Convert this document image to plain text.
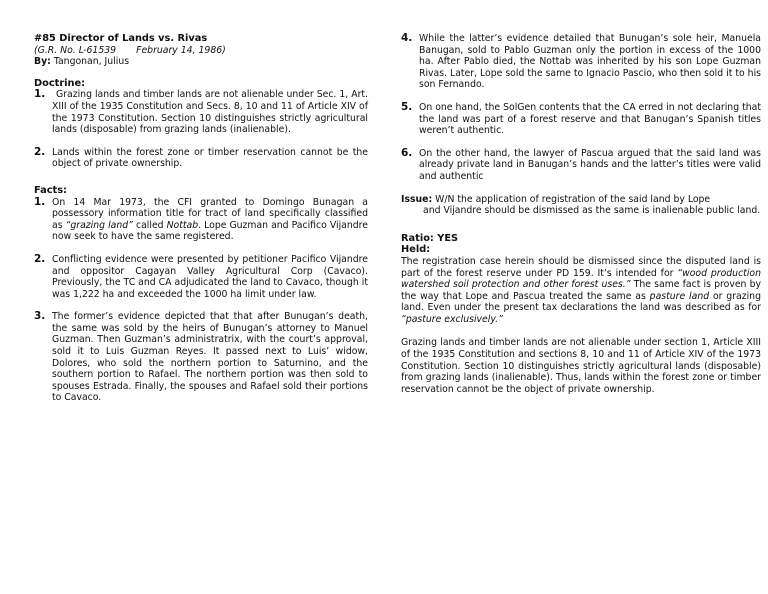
#85 Director of Lands vs. Rivas

(G.R. No. L-61539 February 14, 1986)

By: Tangonan, Julius

Doctrine:

1.	Grazing lands and timber lands are not alienable under Sec. 1, Art. XIII of the 1935 Constitution and Secs. 8, 10 and 11 of Article XIV of the 1973 Constitution. Section 10 distinguishes strictly agricultural lands (disposable) from grazing lands (inalienable).
2. Lands within the forest zone or timber reservation cannot be the object of private ownership.

Facts:

1. On 14 Mar 1973, the CFI granted to Domingo Bunagan a possessory information title for tract of land specifically classified as “grazing land” called Nottab. Lope Guzman and Pacifico Vijandre now seek to have the same registered.
2. Conflicting evidence were presented by petitioner Pacifico Vijandre and oppositor Cagayan Valley Agricultural Corp (Cavaco). Previously, the TC and CA adjudicated the land to Cavaco, though it was 1,222 ha and exceeded the 1000 ha limit under law.
3. The former’s evidence depicted that that after Bunugan’s death, the same was sold by the heirs of Bunugan’s attorney to Manuel Guzman. Then Guzman’s administratrix, with the court’s approval, sold it to Luis Guzman Reyes. It passed next to Luis’ widow, Dolores, who sold the northern portion to Saturnino, and the southern portion to Rafael. The northern portion was then sold to spouses Estrada. Finally, the spouses and Rafael sold their portions to Cavaco.
4. While the latter’s evidence detailed that Bunugan’s sole heir, Manuela Banugan, sold to Pablo Guzman only the portion in excess of the 1000 ha. After Pablo died, the Nottab was inherited by his son Lope Guzman Rivas. Later, Lope sold the same to Ignacio Pascio, who then sold it to his son Fernando.
5. On one hand, the SolGen contents that the CA erred in not declaring that the land was part of a forest reserve and that Banugan’s Spanish titles weren’t authentic.
6. On the other hand, the lawyer of Pascua argued that the said land was already private land in Banugan’s hands and the latter’s titles were valid and authentic

Issue: W/N the application of registration of the said land by Lope

and Vijandre should be dismissed as the same is inalienable public land.

Ratio: YES

Held:

The registration case herein should be dismissed since the disputed land is part of the forest reserve under PD 159. It’s intended for “wood production watershed soil protection and other forest uses.” The same fact is proven by the way that Lope and Pascua treated the same as pasture land or grazing land. Even under the present tax declarations the land was described as for “pasture exclusively.”

Grazing lands and timber lands are not alienable under section 1, Article XIII of the 1935 Constitution and sections 8, 10 and 11 of Article XIV of the 1973 Constitution. Section 10 distinguishes strictly agricultural lands (disposable) from grazing lands (inalienable). Thus, lands within the forest zone or timber reservation cannot be the object of private ownership.
